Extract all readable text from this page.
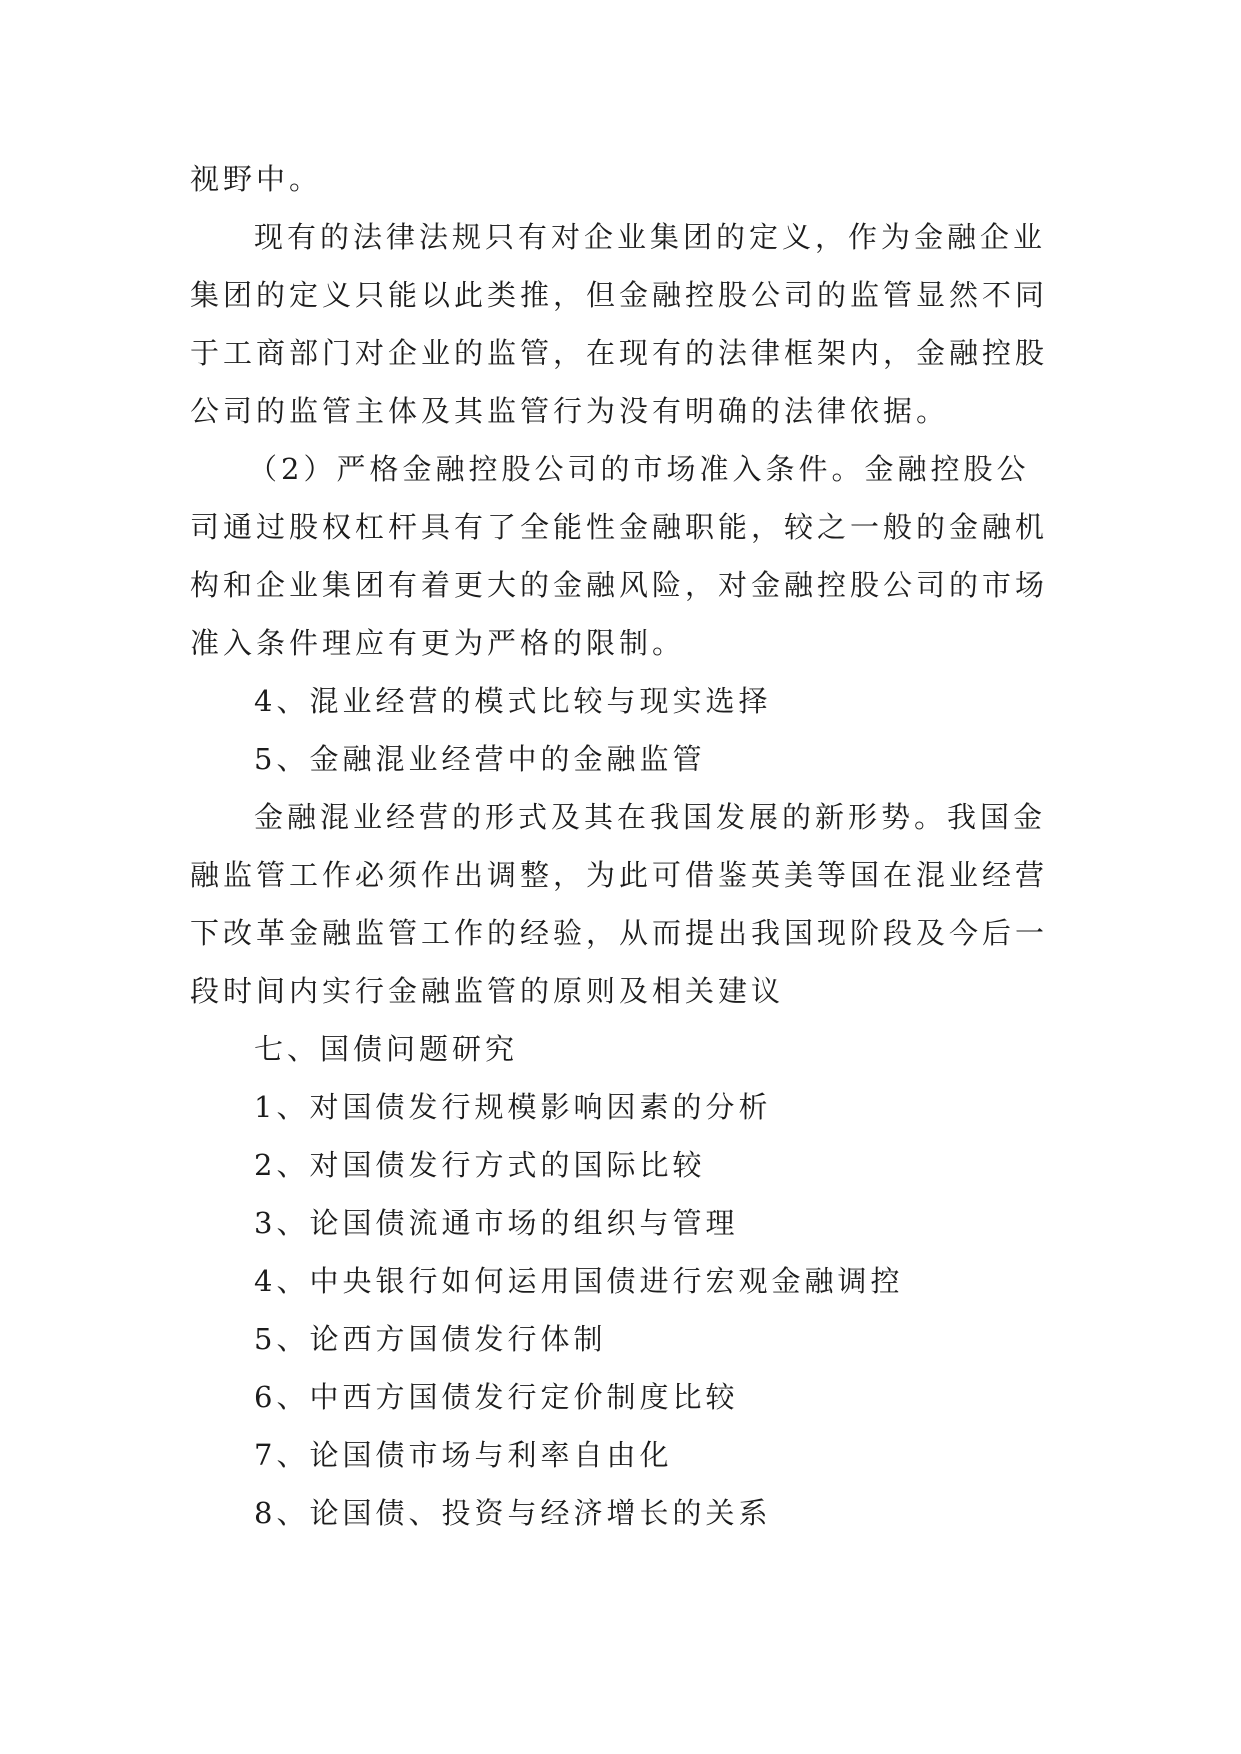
视野中。

现有的法律法规只有对企业集团的定义，作为金融企业
集团的定义只能以此类推，但金融控股公司的监管显然不同
于工商部门对企业的监管，在现有的法律框架内，金融控股
公司的监管主体及其监管行为没有明确的法律依据。

（2）严格金融控股公司的市场准入条件。金融控股公
司通过股权杠杆具有了全能性金融职能，较之一般的金融机
构和企业集团有着更大的金融风险，对金融控股公司的市场
准入条件理应有更为严格的限制。

4、混业经营的模式比较与现实选择

5、金融混业经营中的金融监管

金融混业经营的形式及其在我国发展的新形势。我国金
融监管工作必须作出调整，为此可借鉴英美等国在混业经营
下改革金融监管工作的经验，从而提出我国现阶段及今后一
段时间内实行金融监管的原则及相关建议

七、国债问题研究

1、对国债发行规模影响因素的分析

2、对国债发行方式的国际比较

3、论国债流通市场的组织与管理

4、中央银行如何运用国债进行宏观金融调控

5、论西方国债发行体制

6、中西方国债发行定价制度比较

7、论国债市场与利率自由化

8、论国债、投资与经济增长的关系
